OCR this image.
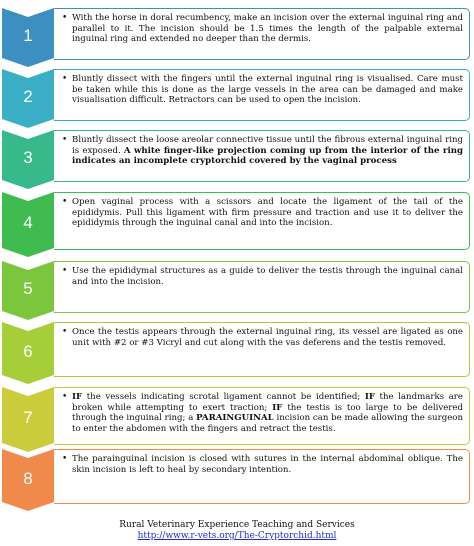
1
• With the horse in doral recumbency, make an incision over the external inguinal ring and parallel to it. The incision should be 1.5 times the length of the palpable external inguinal ring and extended no deeper than the dermis.

2
• Bluntly dissect with the fingers until the external inguinal ring is visualised. Care must be taken while this is done as the large vessels in the area can be damaged and make visualisation difficult. Retractors can be used to open the incision.

3
• Bluntly dissect the loose areolar connective tissue until the fibrous external inguinal ring is exposed. A white finger-like projection coming up from the interior of the ring indicates an incomplete cryptorchid covered by the vaginal process

4
• Open vaginal process with a scissors and locate the ligament of the tail of the epididymis. Pull this ligament with firm pressure and traction and use it to deliver the epididymis through the inguinal canal and into the incision.

5
• Use the epididymal structures as a guide to deliver the testis through the inguinal canal and into the incision.

6
• Once the testis appears through the external inguinal ring, its vessel are ligated as one unit with #2 or #3 Vicryl and cut along with the vas deferens and the testis removed.

7
• IF the vessels indicating scrotal ligament cannot be identified; IF the landmarks are broken while attempting to exert traction; IF the testis is too large to be delivered through the inguinal ring; a PARAINGUINAL incision can be made allowing the surgeon to enter the abdomen with the fingers and retract the testis.

8
• The parainguinal incision is closed with sutures in the internal abdominal oblique. The skin incision is left to heal by secondary intention.

Rural Veterinary Experience Teaching and Services
http://www.r-vets.org/The-Cryptorchid.html
